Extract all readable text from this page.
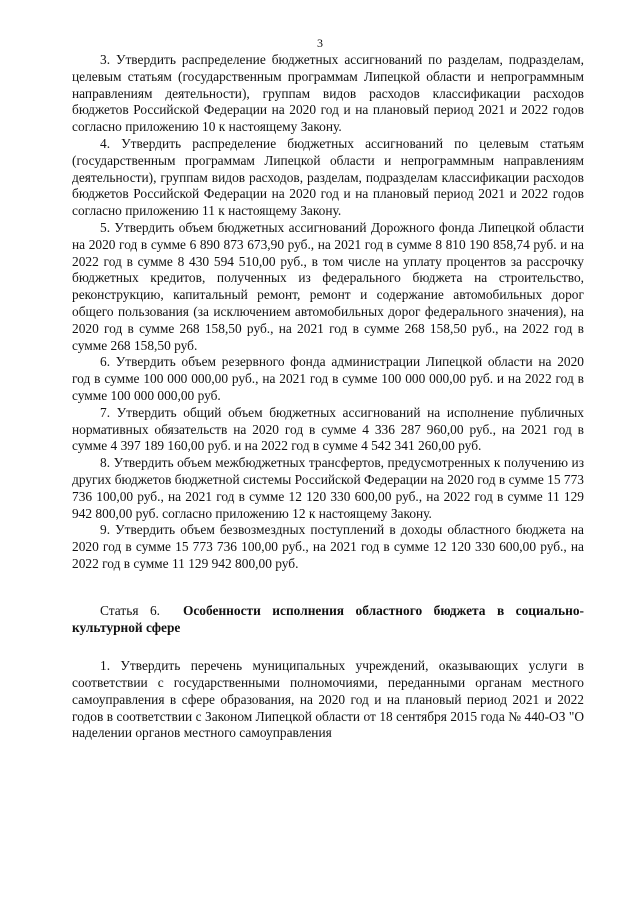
3

3. Утвердить распределение бюджетных ассигнований по разделам, подразделам, целевым статьям (государственным программам Липецкой области и непрограммным направлениям деятельности), группам видов расходов классификации расходов бюджетов Российской Федерации на 2020 год и на плановый период 2021 и 2022 годов согласно приложению 10 к настоящему Закону.

4. Утвердить распределение бюджетных ассигнований по целевым статьям (государственным программам Липецкой области и непрограммным направлениям деятельности), группам видов расходов, разделам, подразделам классификации расходов бюджетов Российской Федерации на 2020 год и на плановый период 2021 и 2022 годов согласно приложению 11 к настоящему Закону.

5. Утвердить объем бюджетных ассигнований Дорожного фонда Липецкой области на 2020 год в сумме 6 890 873 673,90 руб., на 2021 год в сумме 8 810 190 858,74 руб. и на 2022 год в сумме 8 430 594 510,00 руб., в том числе на уплату процентов за рассрочку бюджетных кредитов, полученных из федерального бюджета на строительство, реконструкцию, капитальный ремонт, ремонт и содержание автомобильных дорог общего пользования (за исключением автомобильных дорог федерального значения), на 2020 год в сумме 268 158,50 руб., на 2021 год в сумме 268 158,50 руб., на 2022 год в сумме 268 158,50 руб.

6. Утвердить объем резервного фонда администрации Липецкой области на 2020 год в сумме 100 000 000,00 руб., на 2021 год в сумме 100 000 000,00 руб. и на 2022 год в сумме 100 000 000,00 руб.

7. Утвердить общий объем бюджетных ассигнований на исполнение публичных нормативных обязательств на 2020 год в сумме 4 336 287 960,00 руб., на 2021 год в сумме 4 397 189 160,00 руб. и на 2022 год в сумме 4 542 341 260,00 руб.

8. Утвердить объем межбюджетных трансфертов, предусмотренных к получению из других бюджетов бюджетной системы Российской Федерации на 2020 год в сумме 15 773 736 100,00 руб., на 2021 год в сумме 12 120 330 600,00 руб., на 2022 год в сумме 11 129 942 800,00 руб. согласно приложению 12 к настоящему Закону.

9. Утвердить объем безвозмездных поступлений в доходы областного бюджета на 2020 год в сумме 15 773 736 100,00 руб., на 2021 год в сумме 12 120 330 600,00 руб., на 2022 год в сумме 11 129 942 800,00 руб.

Статья 6. Особенности исполнения областного бюджета в социально-культурной сфере

1. Утвердить перечень муниципальных учреждений, оказывающих услуги в соответствии с государственными полномочиями, переданными органам местного самоуправления в сфере образования, на 2020 год и на плановый период 2021 и 2022 годов в соответствии с Законом Липецкой области от 18 сентября 2015 года № 440-ОЗ "О наделении органов местного самоуправления
